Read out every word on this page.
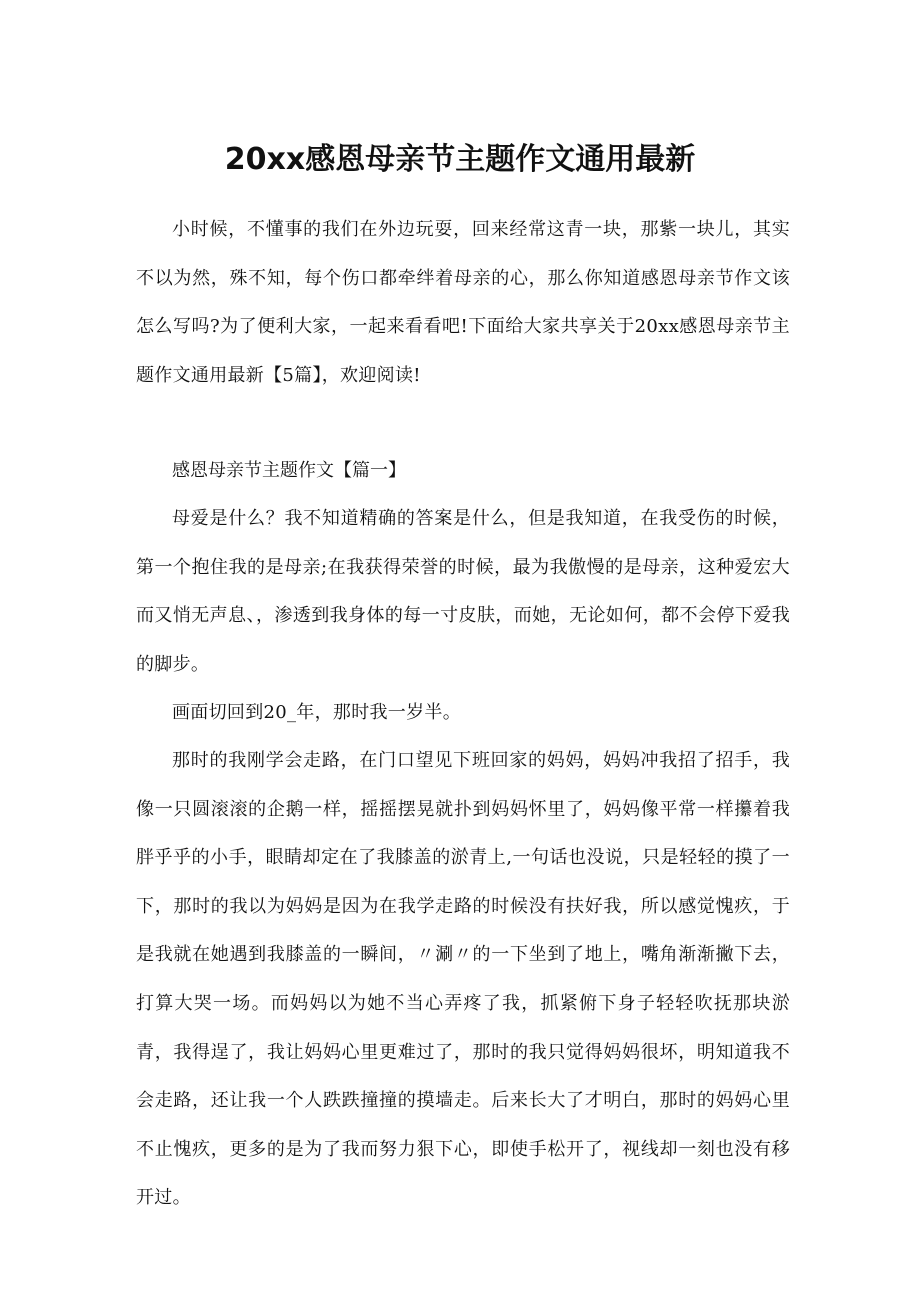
20xx感恩母亲节主题作文通用最新

小时候，不懂事的我们在外边玩耍，回来经常这青一块，那紫一块儿，其实不以为然，殊不知，每个伤口都牵绊着母亲的心，那么你知道感恩母亲节作文该怎么写吗?为了便利大家，一起来看看吧!下面给大家共享关于20xx感恩母亲节主题作文通用最新【5篇】，欢迎阅读!

感恩母亲节主题作文【篇一】

母爱是什么？我不知道精确的答案是什么，但是我知道，在我受伤的时候，第一个抱住我的是母亲;在我获得荣誉的时候，最为我傲慢的是母亲，这种爱宏大而又悄无声息、，渗透到我身体的每一寸皮肤，而她，无论如何，都不会停下爱我的脚步。

画面切回到20_年，那时我一岁半。

那时的我刚学会走路，在门口望见下班回家的妈妈，妈妈冲我招了招手，我像一只圆滚滚的企鹅一样，摇摇摆晃就扑到妈妈怀里了，妈妈像平常一样攥着我胖乎乎的小手，眼睛却定在了我膝盖的淤青上,一句话也没说，只是轻轻的摸了一下，那时的我以为妈妈是因为在我学走路的时候没有扶好我，所以感觉愧疚，于是我就在她遇到我膝盖的一瞬间，〃涮〃的一下坐到了地上，嘴角渐渐撇下去，打算大哭一场。而妈妈以为她不当心弄疼了我，抓紧俯下身子轻轻吹抚那块淤青，我得逞了，我让妈妈心里更难过了，那时的我只觉得妈妈很坏，明知道我不会走路，还让我一个人跌跌撞撞的摸墙走。后来长大了才明白，那时的妈妈心里不止愧疚，更多的是为了我而努力狠下心，即使手松开了，视线却一刻也没有移开过。
